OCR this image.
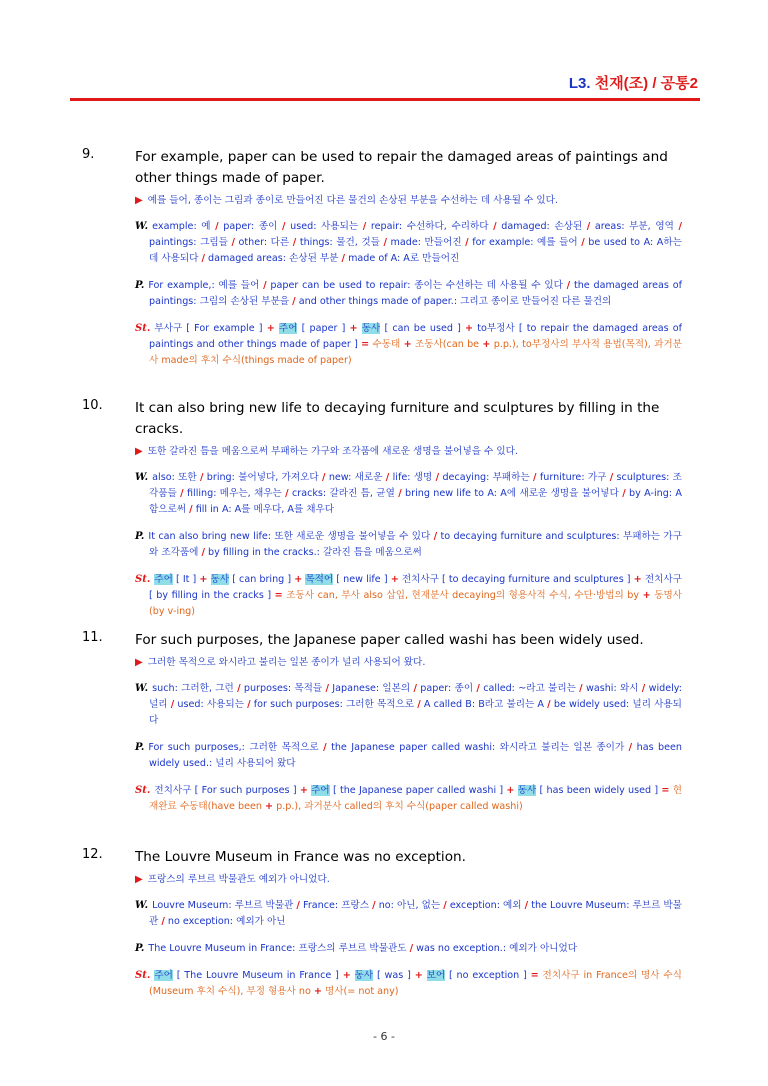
L3. 천재(조) / 공통2
9.	For example, paper can be used to repair the damaged areas of paintings and other things made of paper.
▶ 예를 들어, 종이는 그림과 종이로 만들어진 다른 물건의 손상된 부분을 수선하는 데 사용될 수 있다.
W. example: 예 / paper: 종이 / used: 사용되는 / repair: 수선하다, 수리하다 / damaged: 손상된 / areas: 부분, 영역 / paintings: 그림들 / other: 다른 / things: 물건, 것들 / made: 만들어진 / for example: 예를 들어 / be used to A: A하는 데 사용되다 / damaged areas: 손상된 부분 / made of A: A로 만들어진
P. For example,: 예를 들어 / paper can be used to repair: 종이는 수선하는 데 사용될 수 있다 / the damaged areas of paintings: 그림의 손상된 부분을 / and other things made of paper.: 그리고 종이로 만들어진 다른 물건의
St. 부사구 [ For example ] + 주어 [ paper ] + 동사 [ can be used ] + to부정사 [ to repair the damaged areas of paintings and other things made of paper ] = 수동태 + 조동사(can be + p.p.), to부정사의 부사적 용법(목적), 과거분사 made의 후치 수식(things made of paper)
10. It can also bring new life to decaying furniture and sculptures by filling in the cracks.
▶ 또한 갈라진 틈을 메움으로써 부패하는 가구와 조각품에 새로운 생명을 불어넣을 수 있다.
W. also: 또한 / bring: 불어넣다, 가져오다 / new: 새로운 / life: 생명 / decaying: 부패하는 / furniture: 가구 / sculptures: 조각품들 / filling: 메우는, 채우는 / cracks: 갈라진 틈, 균열 / bring new life to A: A에 새로운 생명을 불어넣다 / by A-ing: A함으로써 / fill in A: A를 메우다, A를 채우다
P. It can also bring new life: 또한 새로운 생명을 불어넣을 수 있다 / to decaying furniture and sculptures: 부패하는 가구와 조각품에 / by filling in the cracks.: 갈라진 틈을 메움으로써
St. 주어 [ It ] + 동사 [ can bring ] + 목적어 [ new life ] + 전치사구 [ to decaying furniture and sculptures ] + 전치사구 [ by filling in the cracks ] = 조동사 can, 부사 also 삽입, 현재분사 decaying의 형용사적 수식, 수단·방법의 by + 동명사(by v-ing)
11. For such purposes, the Japanese paper called washi has been widely used.
▶ 그러한 목적으로 와시라고 불리는 일본 종이가 널리 사용되어 왔다.
W. such: 그러한, 그런 / purposes: 목적들 / Japanese: 일본의 / paper: 종이 / called: ~라고 불리는 / washi: 와시 / widely: 널리 / used: 사용되는 / for such purposes: 그러한 목적으로 / A called B: B라고 불리는 A / be widely used: 널리 사용되다
P. For such purposes,: 그러한 목적으로 / the Japanese paper called washi: 와시라고 불리는 일본 종이가 / has been widely used.: 널리 사용되어 왔다
St. 전치사구 [ For such purposes ] + 주어 [ the Japanese paper called washi ] + 동사 [ has been widely used ] = 현재완료 수동태(have been + p.p.), 과거분사 called의 후치 수식(paper called washi)
12. The Louvre Museum in France was no exception.
▶ 프랑스의 루브르 박물관도 예외가 아니었다.
W. Louvre Museum: 루브르 박물관 / France: 프랑스 / no: 아닌, 없는 / exception: 예외 / the Louvre Museum: 루브르 박물관 / no exception: 예외가 아닌
P. The Louvre Museum in France: 프랑스의 루브르 박물관도 / was no exception.: 예외가 아니었다
St. 주어 [ The Louvre Museum in France ] + 동사 [ was ] + 보어 [ no exception ] = 전치사구 in France의 명사 수식(Museum 후치 수식), 부정 형용사 no + 명사(= not any)
- 6 -
